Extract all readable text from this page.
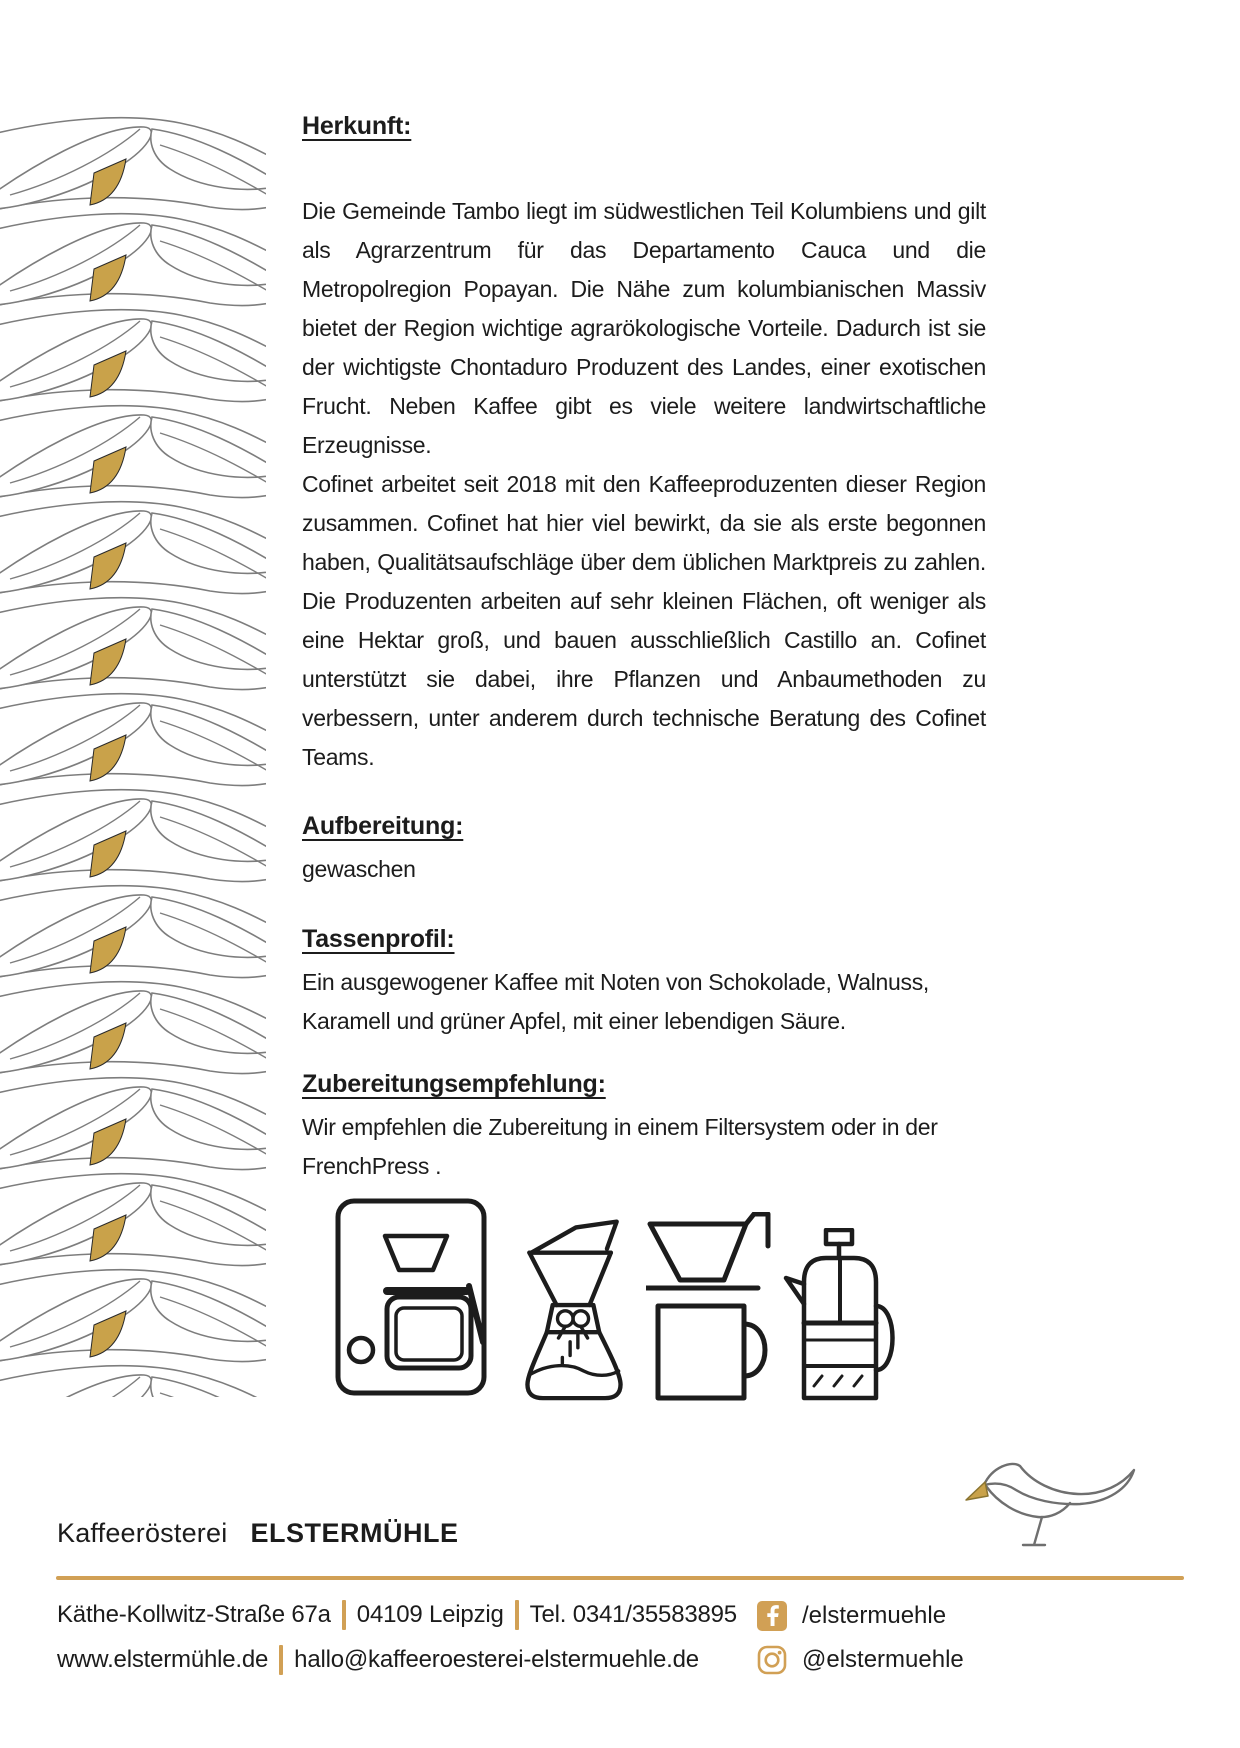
Herkunft:

Die Gemeinde Tambo liegt im südwestlichen Teil Kolumbiens und gilt als Agrarzentrum für das Departamento Cauca und die Metropolregion Popayan. Die Nähe zum kolumbianischen Massiv bietet der Region wichtige agrarökologische Vorteile. Dadurch ist sie der wichtigste Chontaduro Produzent des Landes, einer exotischen Frucht. Neben Kaffee gibt es viele weitere landwirtschaftliche Erzeugnisse.

Cofinet arbeitet seit 2018 mit den Kaffeeproduzenten dieser Region zusammen. Cofinet hat hier viel bewirkt, da sie als erste begonnen haben, Qualitätsaufschläge über dem üblichen Marktpreis zu zahlen. Die Produzenten arbeiten auf sehr kleinen Flächen, oft weniger als eine Hektar groß, und bauen ausschließlich Castillo an. Cofinet unterstützt sie dabei, ihre Pflanzen und Anbaumethoden zu verbessern, unter anderem durch technische Beratung des Cofinet Teams.

Aufbereitung:
gewaschen
Tassenprofil:
Ein ausgewogener Kaffee mit Noten von Schokolade, Walnuss, Karamell und grüner Apfel, mit einer lebendigen Säure.
Zubereitungsempfehlung:
Wir empfehlen die Zubereitung in einem Filtersystem oder in der FrenchPress .
Kaffeerösterei ELSTERMÜHLE
Käthe-Kollwitz-Straße 67a 04109 Leipzig Tel. 0341/35583895
www.elstermühle.de hallo@kaffeeroesterei-elstermuehle.de
/elstermuehle
@elstermuehle
